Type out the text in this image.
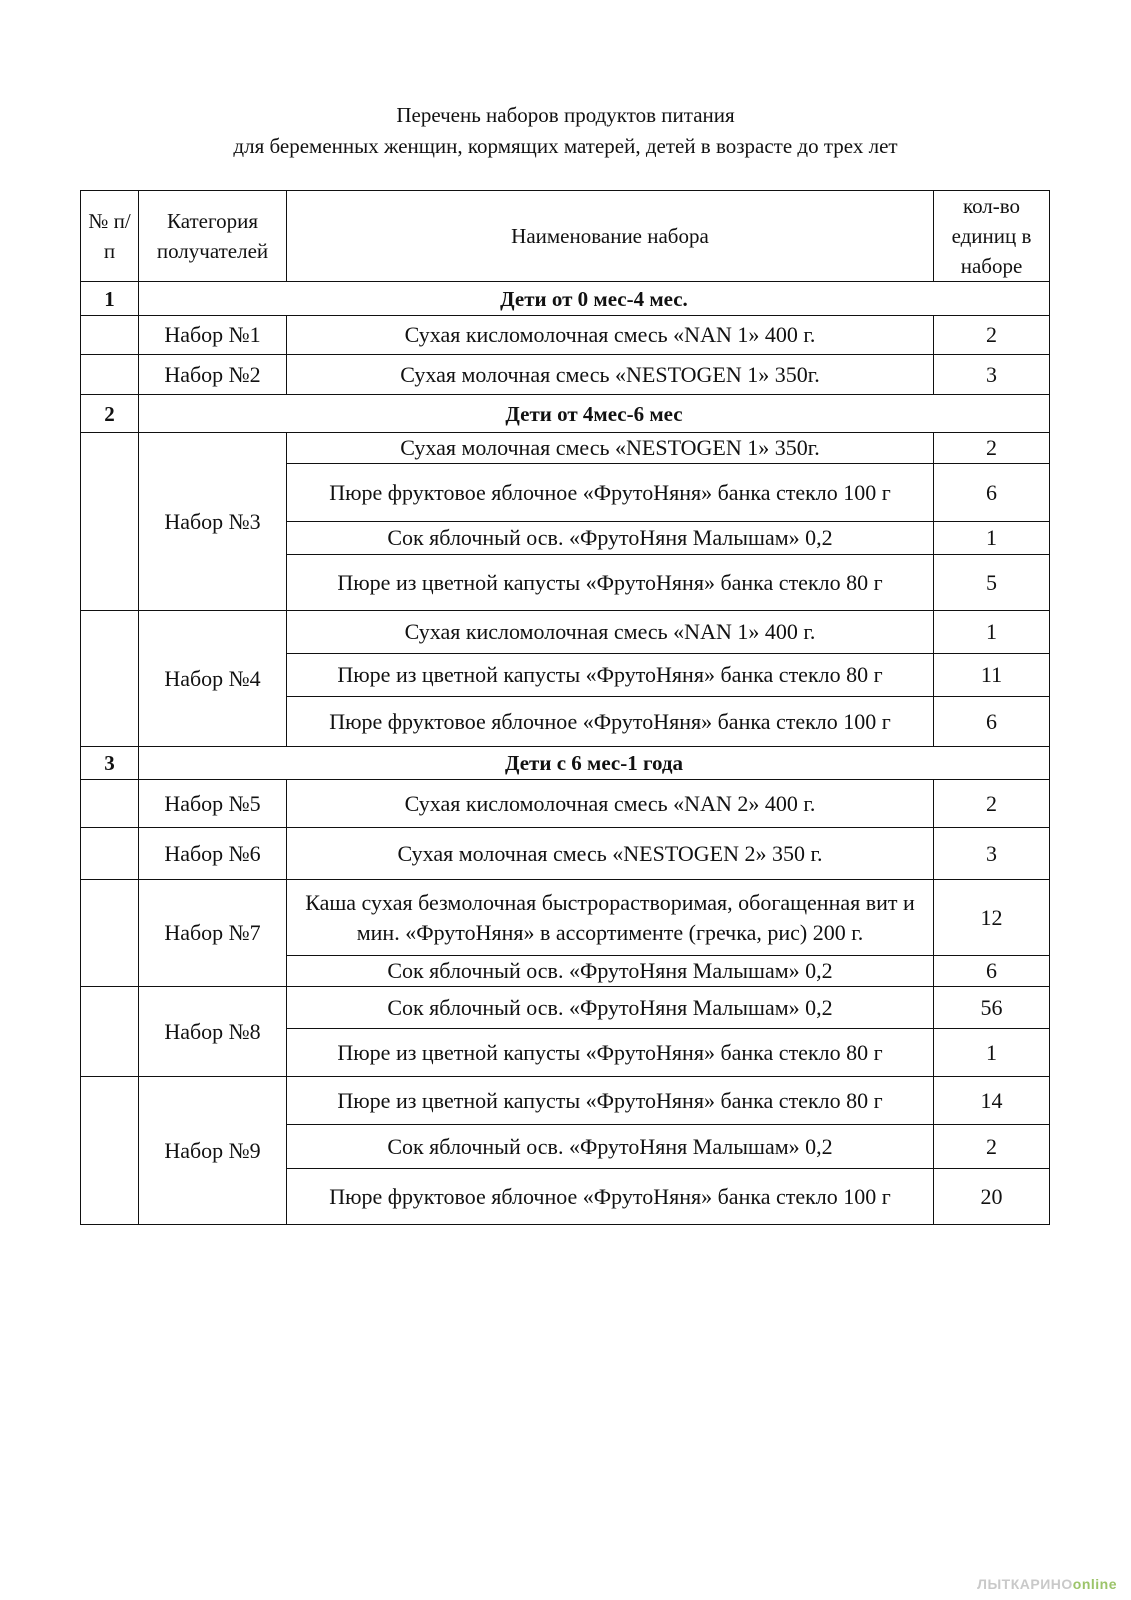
Перечень наборов продуктов питания
для беременных женщин, кормящих матерей, детей в возрасте до трех лет
№ п/п	Категория получателей	Наименование набора	кол-во единиц в наборе
1	Дети от 0 мес-4 мес.		
	Набор №1	Сухая кисломолочная смесь «NAN 1» 400 г.	2
	Набор №2	Сухая молочная смесь «NESTOGEN 1» 350г.	3
2	Дети от 4мес-6 мес		
	Набор №3	Сухая молочная смесь «NESTOGEN 1» 350г.	2
		Пюре фруктовое яблочное «ФрутоНяня» банка стекло 100 г	6
		Сок яблочный осв. «ФрутоНяня Малышам» 0,2	1
		Пюре из цветной капусты «ФрутоНяня» банка стекло 80 г	5
	Набор №4	Сухая кисломолочная смесь «NAN 1» 400 г.	1
		Пюре из цветной капусты «ФрутоНяня» банка стекло 80 г	11
		Пюре фруктовое яблочное «ФрутоНяня» банка стекло 100 г	6
3	Дети с 6 мес-1 года		
	Набор №5	Сухая кисломолочная смесь «NAN 2» 400 г.	2
	Набор №6	Сухая молочная смесь «NESTOGEN 2» 350 г.	3
	Набор №7	Каша сухая безмолочная быстрорастворимая, обогащенная вит и мин. «ФрутоНяня» в ассортименте (гречка, рис) 200 г.	12
		Сок яблочный осв. «ФрутоНяня Малышам» 0,2	6
	Набор №8	Сок яблочный осв. «ФрутоНяня Малышам» 0,2	56
		Пюре из цветной капусты «ФрутоНяня» банка стекло 80 г	1
	Набор №9	Пюре из цветной капусты «ФрутоНяня» банка стекло 80 г	14
		Сок яблочный осв. «ФрутоНяня Малышам» 0,2	2
		Пюре фруктовое яблочное «ФрутоНяня» банка стекло 100 г	20
ЛЫТКАРИНОonline
